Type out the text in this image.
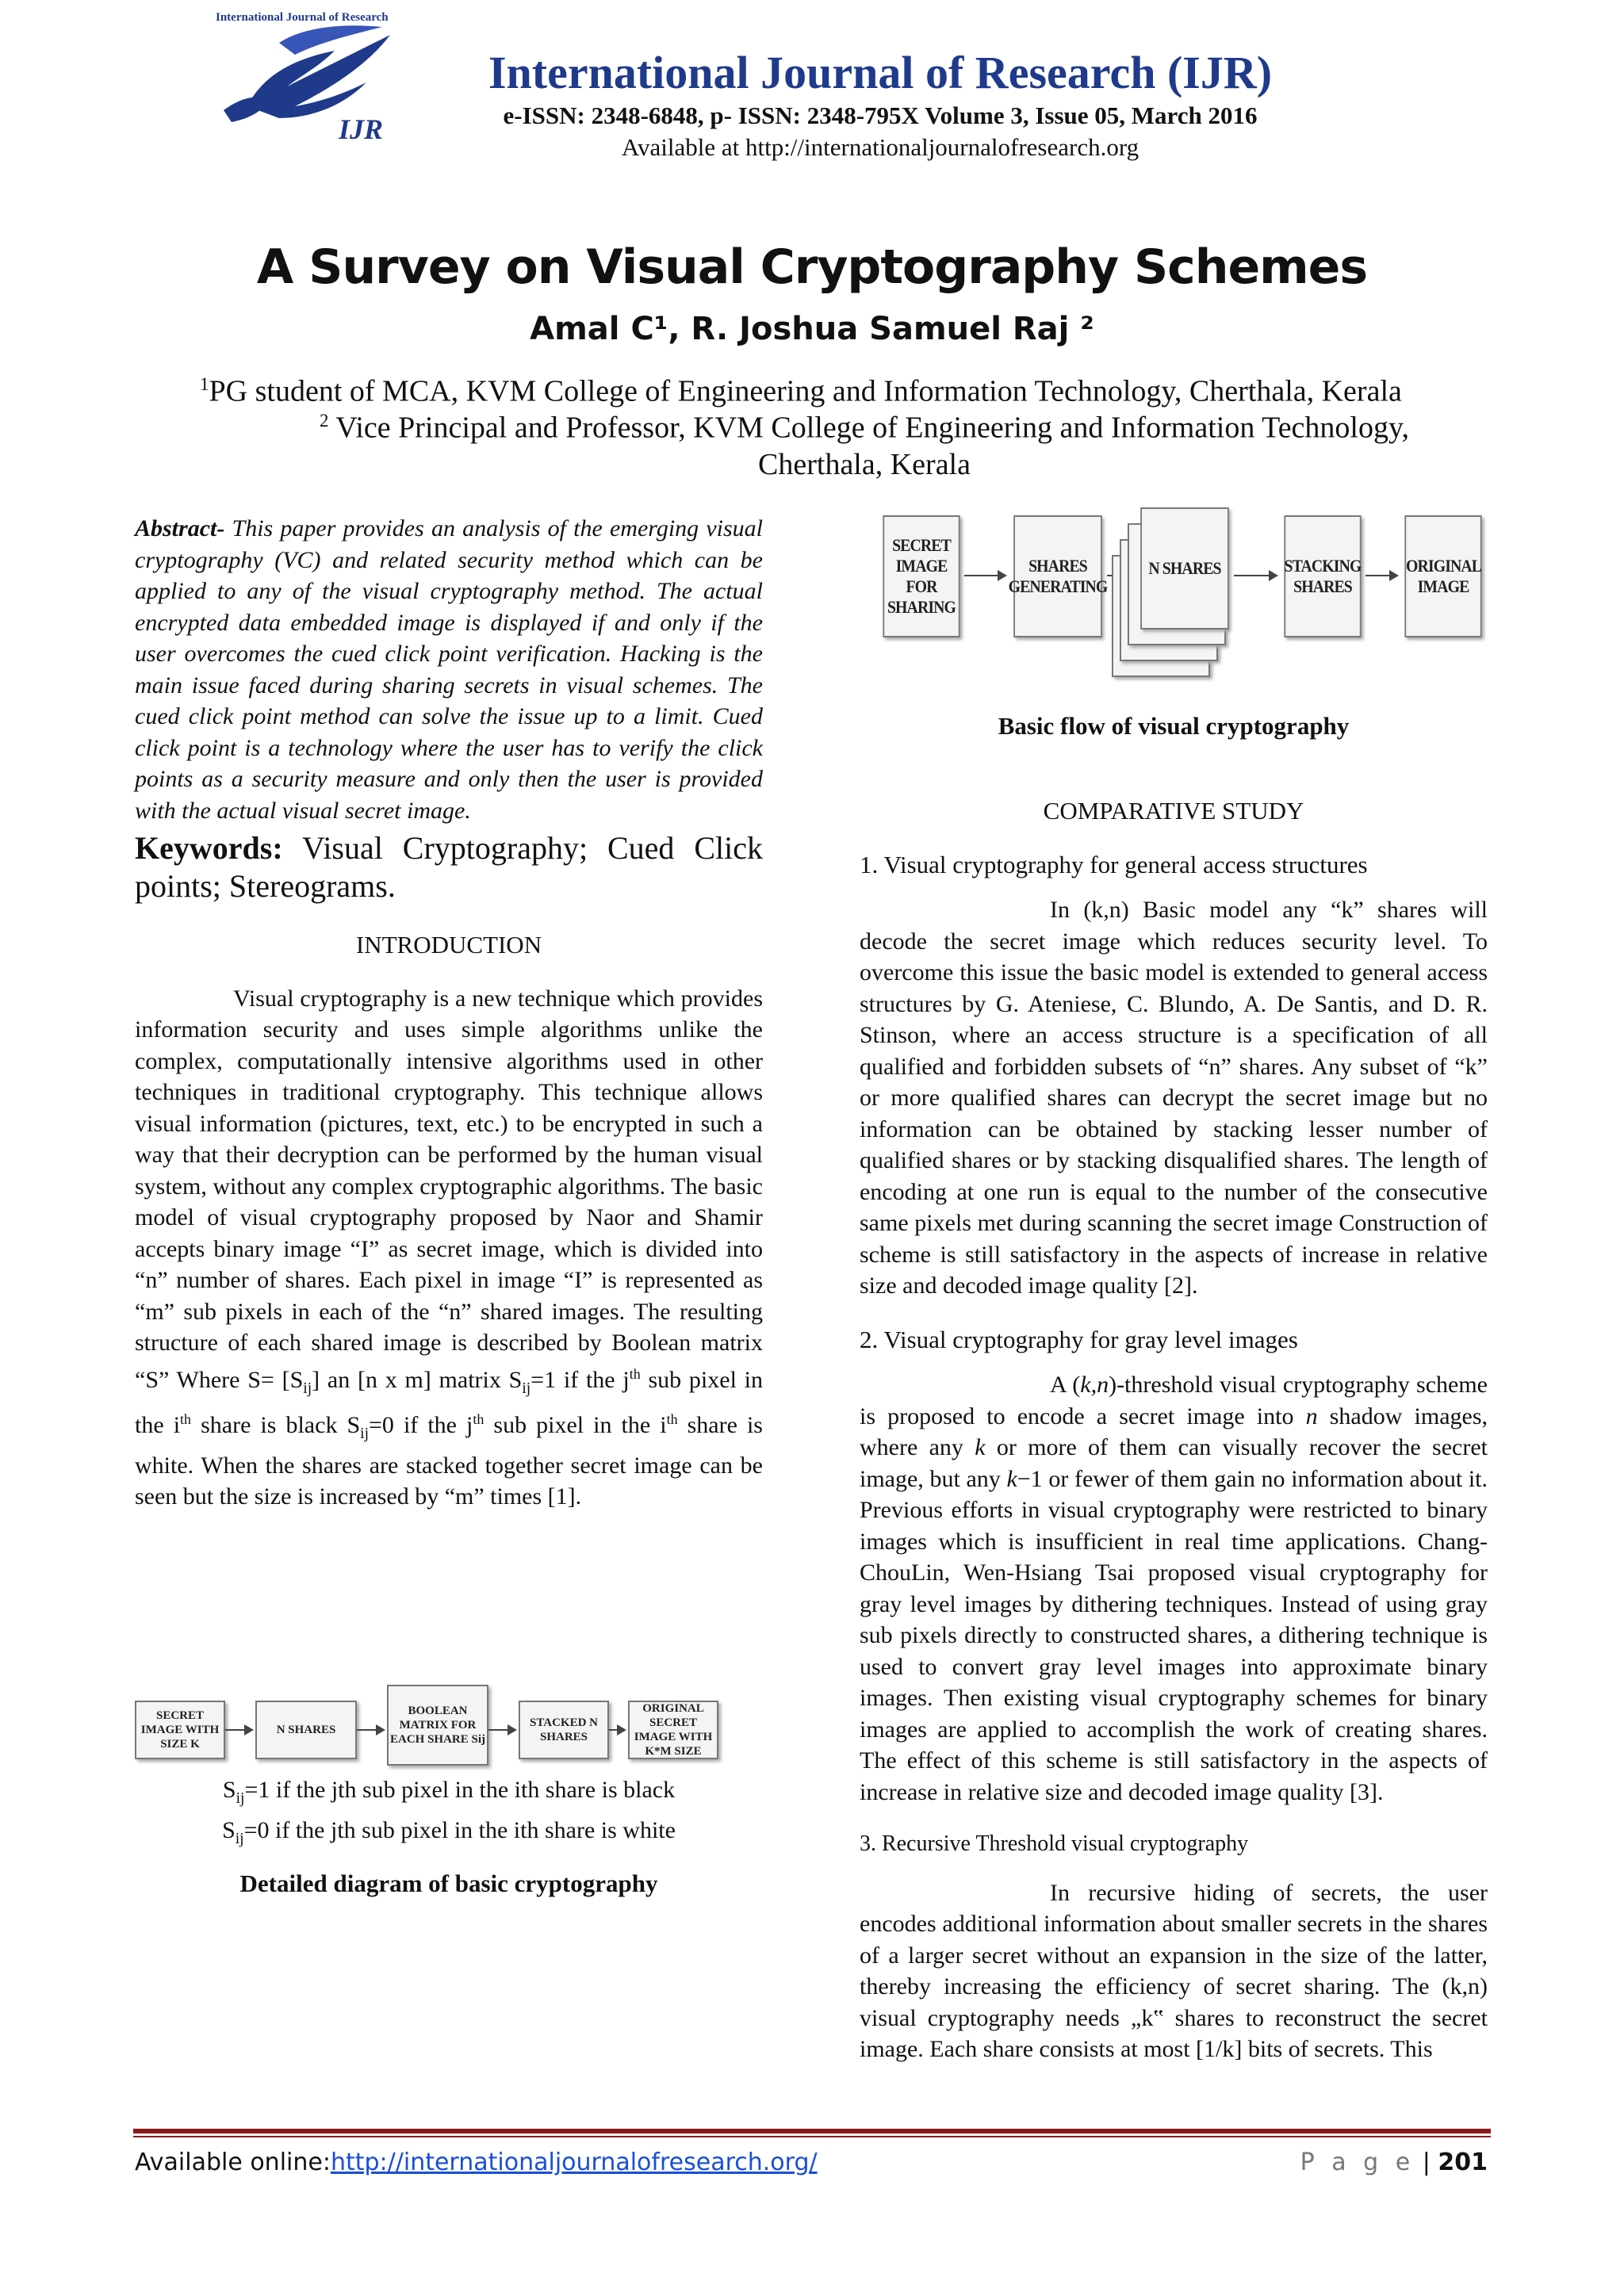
International Journal of Research
IJR
International Journal of Research (IJR)
e-ISSN: 2348-6848, p- ISSN: 2348-795X Volume 3, Issue 05, March 2016
Available at http://internationaljournalofresearch.org
A Survey on Visual Cryptography Schemes
Amal C¹, R. Joshua Samuel Raj ²
$^1$PG student of MCA, KVM College of Engineering and Information Technology, Cherthala, Kerala
$^2$ Vice Principal and Professor, KVM College of Engineering and Information Technology,
Cherthala, Kerala
Abstract- This paper provides an analysis of the emerging visual cryptography (VC) and related security method which can be applied to any of the visual cryptography method. The actual encrypted data embedded image is displayed if and only if the user overcomes the cued click point verification. Hacking is the main issue faced during sharing secrets in visual schemes. The cued click point method can solve the issue up to a limit. Cued click point is a technology where the user has to verify the click points as a security measure and only then the user is provided with the actual visual secret image.
Keywords: Visual Cryptography; Cued Click points; Stereograms.
INTRODUCTION
Visual cryptography is a new technique which provides information security and uses simple algorithms unlike the complex, computationally intensive algorithms used in other techniques in traditional cryptography. This technique allows visual information (pictures, text, etc.) to be encrypted in such a way that their decryption can be performed by the human visual system, without any complex cryptographic algorithms. The basic model of visual cryptography proposed by Naor and Shamir accepts binary image “I” as secret image, which is divided into “n” number of shares. Each pixel in image “I” is represented as “m” sub pixels in each of the “n” shared images. The resulting structure of each shared image is described by Boolean matrix “S” Where $S= [S_{ij}]$ an [n x m] matrix $S_{ij}=1$ if the $j^{th}$ sub pixel in the $i^{th}$ share is black $S_{ij}=0$ if the $j^{th}$ sub pixel in the $i^{th}$ share is white. When the shares are stacked together secret image can be seen but the size is increased by “m” times [1].
SECRET IMAGE WITH SIZE K
N SHARES
BOOLEAN MATRIX FOR EACH SHARE Sij
STACKED N SHARES
ORIGINAL SECRET IMAGE WITH K*M SIZE
$S_{ij}=1$ if the jth sub pixel in the ith share is black
$S_{ij}=0$ if the jth sub pixel in the ith share is white
Detailed diagram of basic cryptography
SECRET IMAGE FOR SHARING
SHARES GENERATING
N SHARES	STACKING SHARES
ORIGINAL IMAGE
Basic flow of visual cryptography
COMPARATIVE STUDY
1. Visual cryptography for general access structures
In (k,n) Basic model any “k” shares will decode the secret image which reduces security level. To overcome this issue the basic model is extended to general access structures by G. Ateniese, C. Blundo, A. De Santis, and D. R. Stinson, where an access structure is a specification of all qualified and forbidden subsets of “n” shares. Any subset of “k” or more qualified shares can decrypt the secret image but no information can be obtained by stacking lesser number of qualified shares or by stacking disqualified shares. The length of encoding at one run is equal to the number of the consecutive same pixels met during scanning the secret image Construction of scheme is still satisfactory in the aspects of increase in relative size and decoded image quality [2].
2. Visual cryptography for gray level images
A (k,n)-threshold visual cryptography scheme is proposed to encode a secret image into n shadow images, where any k or more of them can visually recover the secret image, but any k−1 or fewer of them gain no information about it. Previous efforts in visual cryptography were restricted to binary images which is insufficient in real time applications. Chang- ChouLin, Wen-Hsiang Tsai proposed visual cryptography for gray level images by dithering techniques. Instead of using gray sub pixels directly to constructed shares, a dithering technique is used to convert gray level images into approximate binary images. Then existing visual cryptography schemes for binary images are applied to accomplish the work of creating shares. The effect of this scheme is still satisfactory in the aspects of increase in relative size and decoded image quality [3].
3. Recursive Threshold visual cryptography
In recursive hiding of secrets, the user encodes additional information about smaller secrets in the shares of a larger secret without an expansion in the size of the latter, thereby increasing the efficiency of secret sharing. The (k,n) visual cryptography needs „k‟ shares to reconstruct the secret image. Each share consists at most [1/k] bits of secrets. This
Available online:http://internationaljournalofresearch.org/	P a g e | 201
